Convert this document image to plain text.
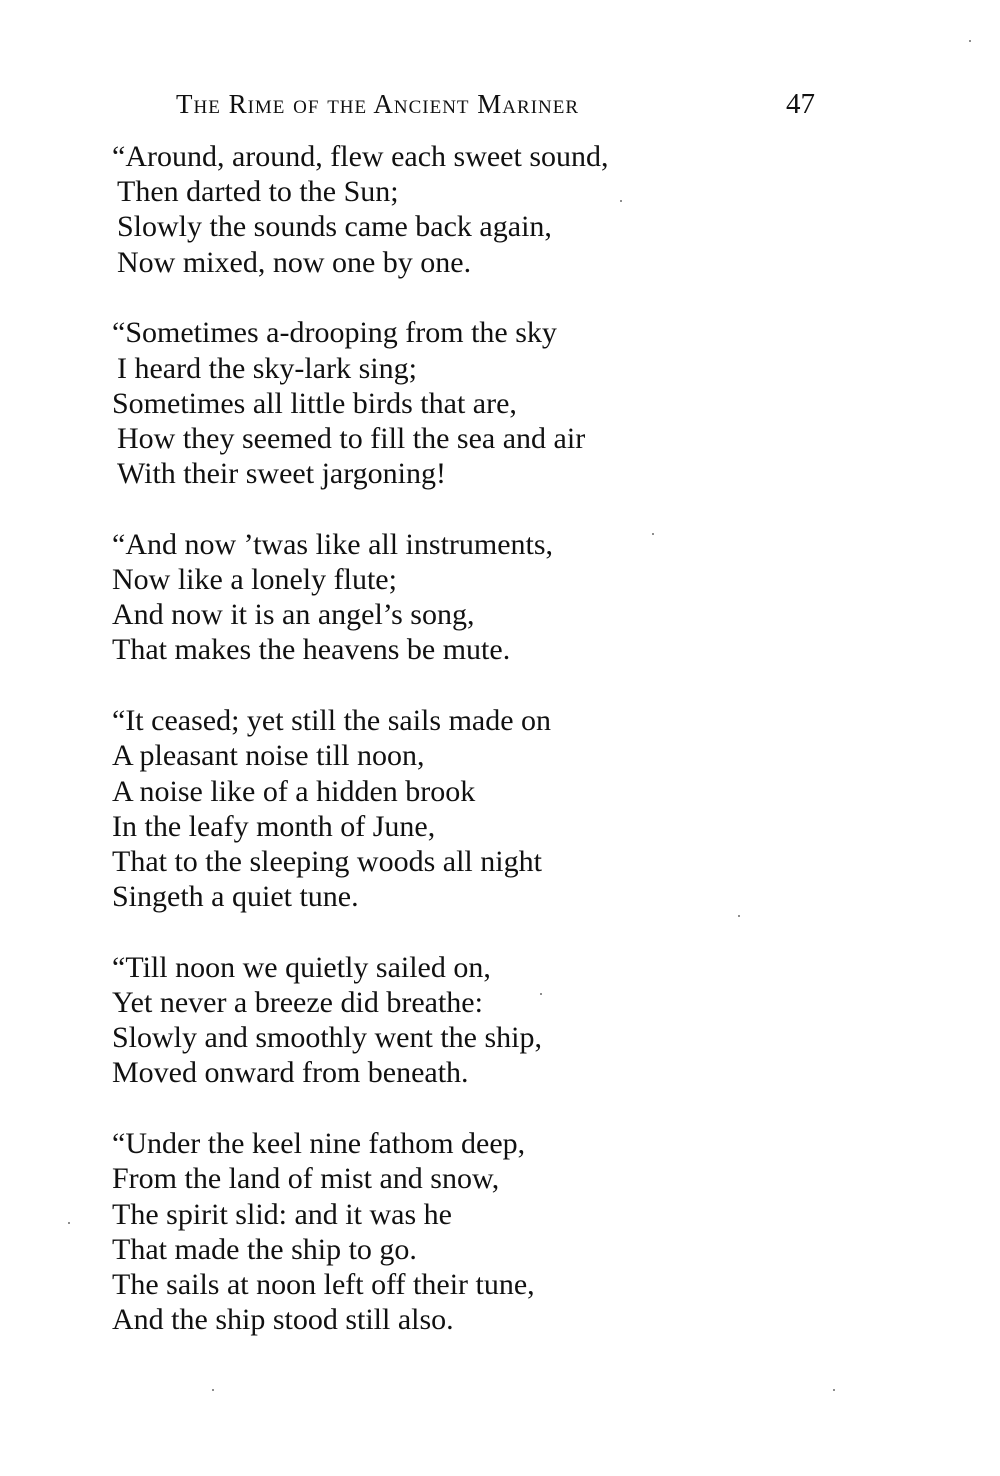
The Rime of the Ancient Mariner	47
“Around, around, flew each sweet sound,
Then darted to the Sun;
Slowly the sounds came back again,
Now mixed, now one by one.
“Sometimes a-drooping from the sky
I heard the sky-lark sing;
Sometimes all little birds that are,
How they seemed to fill the sea and air
With their sweet jargoning!
“And now ’twas like all instruments,
Now like a lonely flute;
And now it is an angel’s song,
That makes the heavens be mute.
“It ceased; yet still the sails made on
A pleasant noise till noon,
A noise like of a hidden brook
In the leafy month of June,
That to the sleeping woods all night
Singeth a quiet tune.
“Till noon we quietly sailed on,
Yet never a breeze did breathe:
Slowly and smoothly went the ship,
Moved onward from beneath.
“Under the keel nine fathom deep,
From the land of mist and snow,
The spirit slid: and it was he
That made the ship to go.
The sails at noon left off their tune,
And the ship stood still also.
